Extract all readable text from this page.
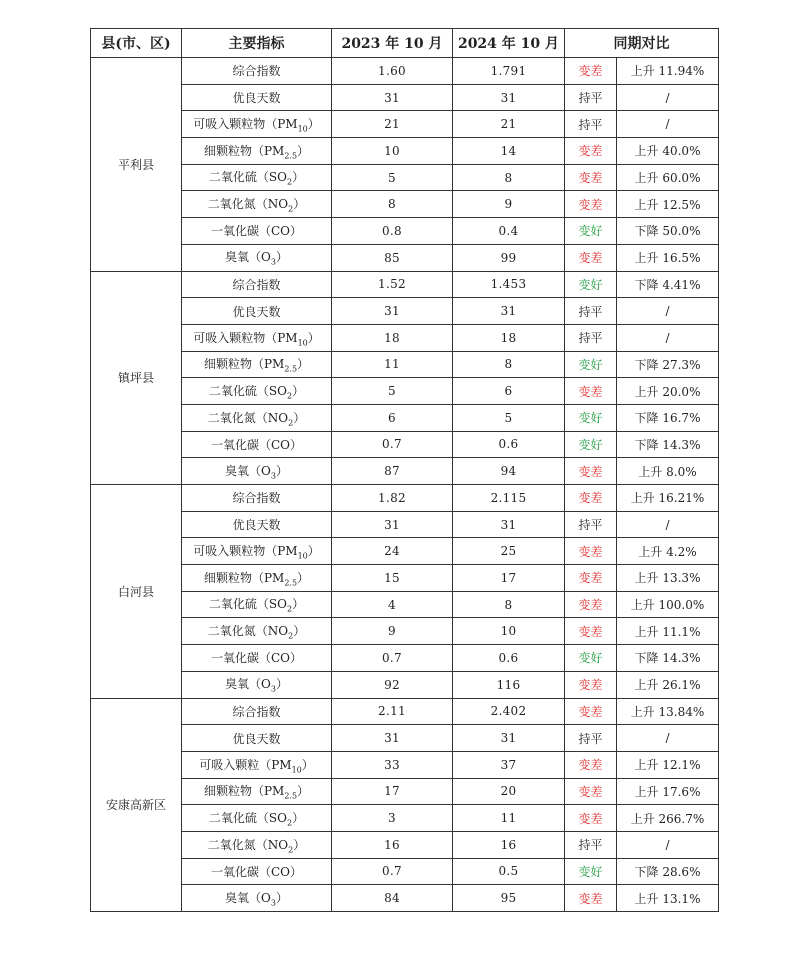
县(市、区)	主要指标	2023 年 10 月	2024 年 10 月	同期对比	
平利县	综合指数	1.60	1.791	变差	上升 11.94%
	优良天数	31	31	持平	/
	可吸入颗粒物$(PM_{10})$	21	21	持平	/
	细颗粒物$(PM_{2.5})$	10	14	变差	上升 40.0%
	二氧化硫$(SO_2)$	5	8	变差	上升 60.0%
	二氧化氮$(NO_2)$	8	9	变差	上升 12.5%
	一氧化碳（CO）	0.8	0.4	变好	下降 50.0%
	臭氧$(O_3)$	85	99	变差	上升 16.5%
镇坪县	综合指数	1.52	1.453	变好	下降 4.41%
	优良天数	31	31	持平	/
	可吸入颗粒物$(PM_{10})$	18	18	持平	/
	细颗粒物$(PM_{2.5})$	11	8	变好	下降 27.3%
	二氧化硫$(SO_2)$	5	6	变差	上升 20.0%
	二氧化氮$(NO_2)$	6	5	变好	下降 16.7%
	一氧化碳（CO）	0.7	0.6	变好	下降 14.3%
	臭氧$(O_3)$	87	94	变差	上升 8.0%
白河县	综合指数	1.82	2.115	变差	上升 16.21%
	优良天数	31	31	持平	/
	可吸入颗粒物$(PM_{10})$	24	25	变差	上升 4.2%
	细颗粒物$(PM_{2.5})$	15	17	变差	上升 13.3%
	二氧化硫$(SO_2)$	4	8	变差	上升 100.0%
	二氧化氮$(NO_2)$	9	10	变差	上升 11.1%
	一氧化碳（CO）	0.7	0.6	变好	下降 14.3%
	臭氧$(O_3)$	92	116	变差	上升 26.1%
安康高新区	综合指数	2.11	2.402	变差	上升 13.84%
	优良天数	31	31	持平	/
	可吸入颗粒$(PM_{10})$	33	37	变差	上升 12.1%
	细颗粒物$(PM_{2.5})$	17	20	变差	上升 17.6%
	二氧化硫$(SO_2)$	3	11	变差	上升 266.7%
	二氧化氮$(NO_2)$	16	16	持平	/
	一氧化碳（CO）	0.7	0.5	变好	下降 28.6%
	臭氧$(O_3)$	84	95	变差	上升 13.1%
